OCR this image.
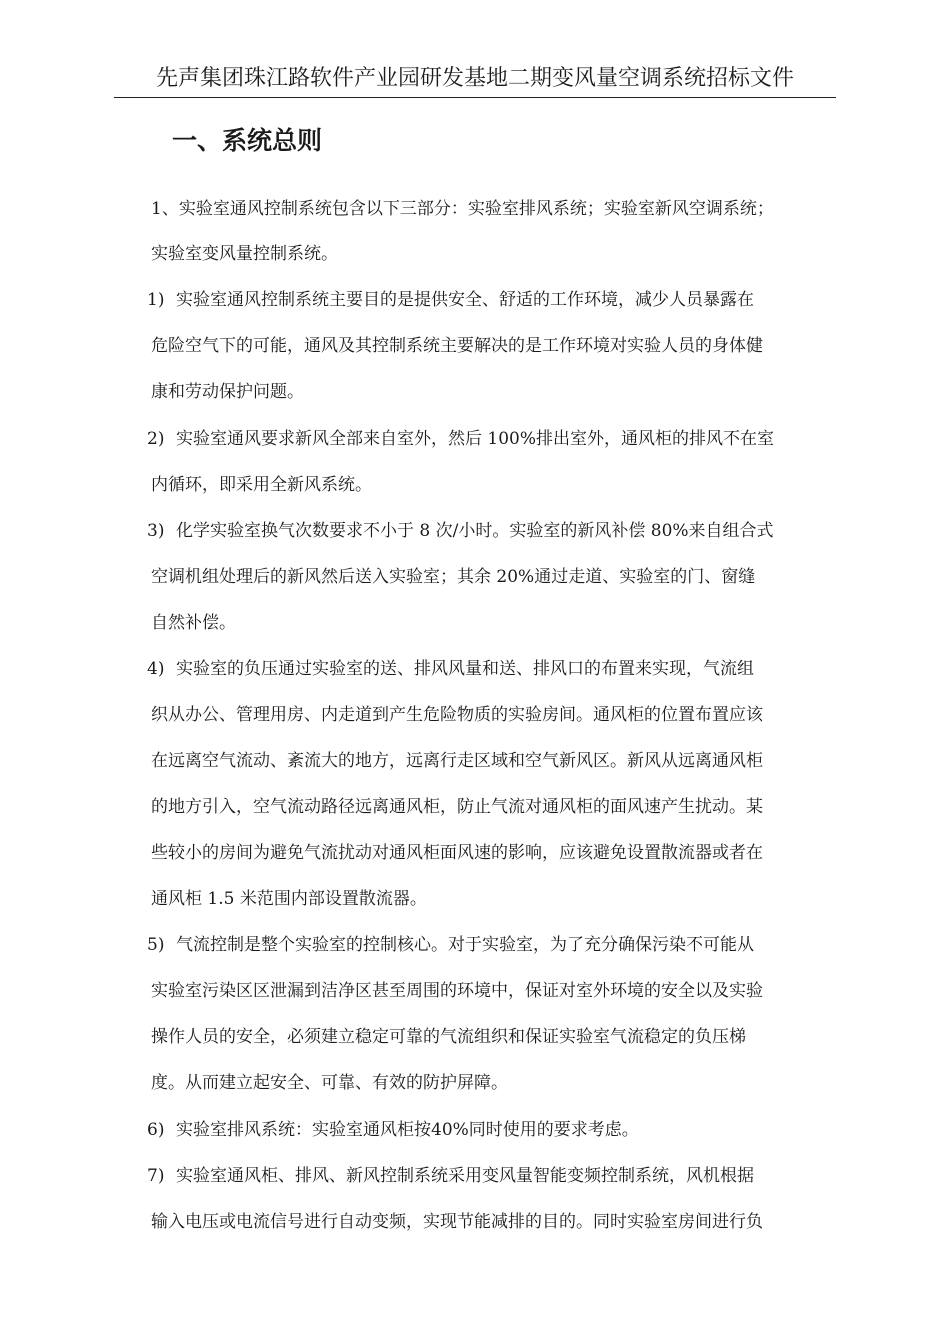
先声集团珠江路软件产业园研发基地二期变风量空调系统招标文件
一、系统总则
1、实验室通风控制系统包含以下三部分：实验室排风系统；实验室新风空调系统；
实验室变风量控制系统。
1) 实验室通风控制系统主要目的是提供安全、舒适的工作环境，减少人员暴露在
危险空气下的可能，通风及其控制系统主要解决的是工作环境对实验人员的身体健
康和劳动保护问题。
2) 实验室通风要求新风全部来自室外，然后 100%排出室外，通风柜的排风不在室
内循环，即采用全新风系统。
3) 化学实验室换气次数要求不小于 8 次/小时。实验室的新风补偿 80%来自组合式
空调机组处理后的新风然后送入实验室；其余 20%通过走道、实验室的门、窗缝
自然补偿。
4) 实验室的负压通过实验室的送、排风风量和送、排风口的布置来实现，气流组
织从办公、管理用房、内走道到产生危险物质的实验房间。通风柜的位置布置应该
在远离空气流动、紊流大的地方，远离行走区域和空气新风区。新风从远离通风柜
的地方引入，空气流动路径远离通风柜，防止气流对通风柜的面风速产生扰动。某
些较小的房间为避免气流扰动对通风柜面风速的影响，应该避免设置散流器或者在
通风柜 1.5 米范围内部设置散流器。
5) 气流控制是整个实验室的控制核心。对于实验室，为了充分确保污染不可能从
实验室污染区区泄漏到洁净区甚至周围的环境中，保证对室外环境的安全以及实验
操作人员的安全，必须建立稳定可靠的气流组织和保证实验室气流稳定的负压梯
度。从而建立起安全、可靠、有效的防护屏障。
6) 实验室排风系统：实验室通风柜按40%同时使用的要求考虑。
7) 实验室通风柜、排风、新风控制系统采用变风量智能变频控制系统，风机根据
输入电压或电流信号进行自动变频，实现节能减排的目的。同时实验室房间进行负
